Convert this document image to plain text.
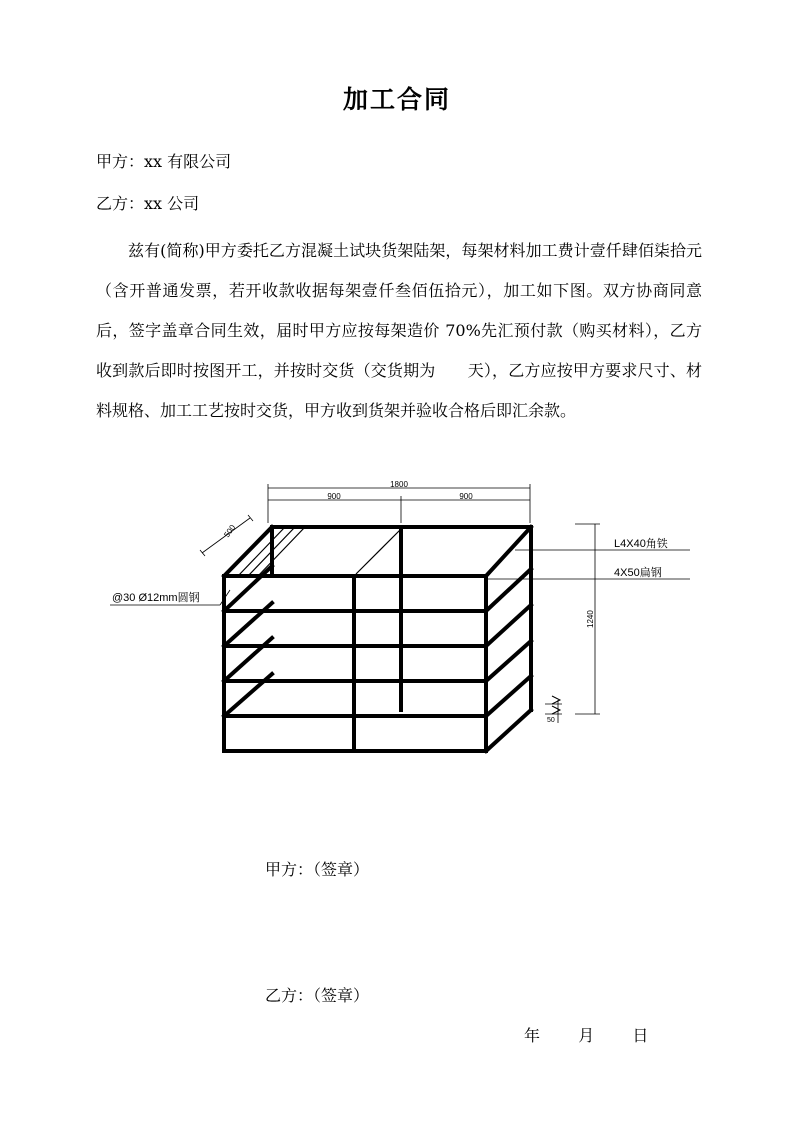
加工合同
甲方：xx 有限公司
乙方：xx 公司

兹有(简称)甲方委托乙方混凝土试块货架陆架，每架材料加工费计壹仟肆佰柒拾元（含开普通发票，若开收款收据每架壹仟叁佰伍拾元），加工如下图。双方协商同意后，签字盖章合同生效，届时甲方应按每架造价 70%先汇预付款（购买材料），乙方收到款后即时按图开工，并按时交货（交货期为　　天），乙方应按甲方要求尺寸、材料规格、加工工艺按时交货，甲方收到货架并验收合格后即汇余款。

1800
900	900
500
1240
50
L4X40角铁
4X50扁钢
@30 Ø12mm圆钢
甲方：（签章）
乙方：（签章）
年 月 日
